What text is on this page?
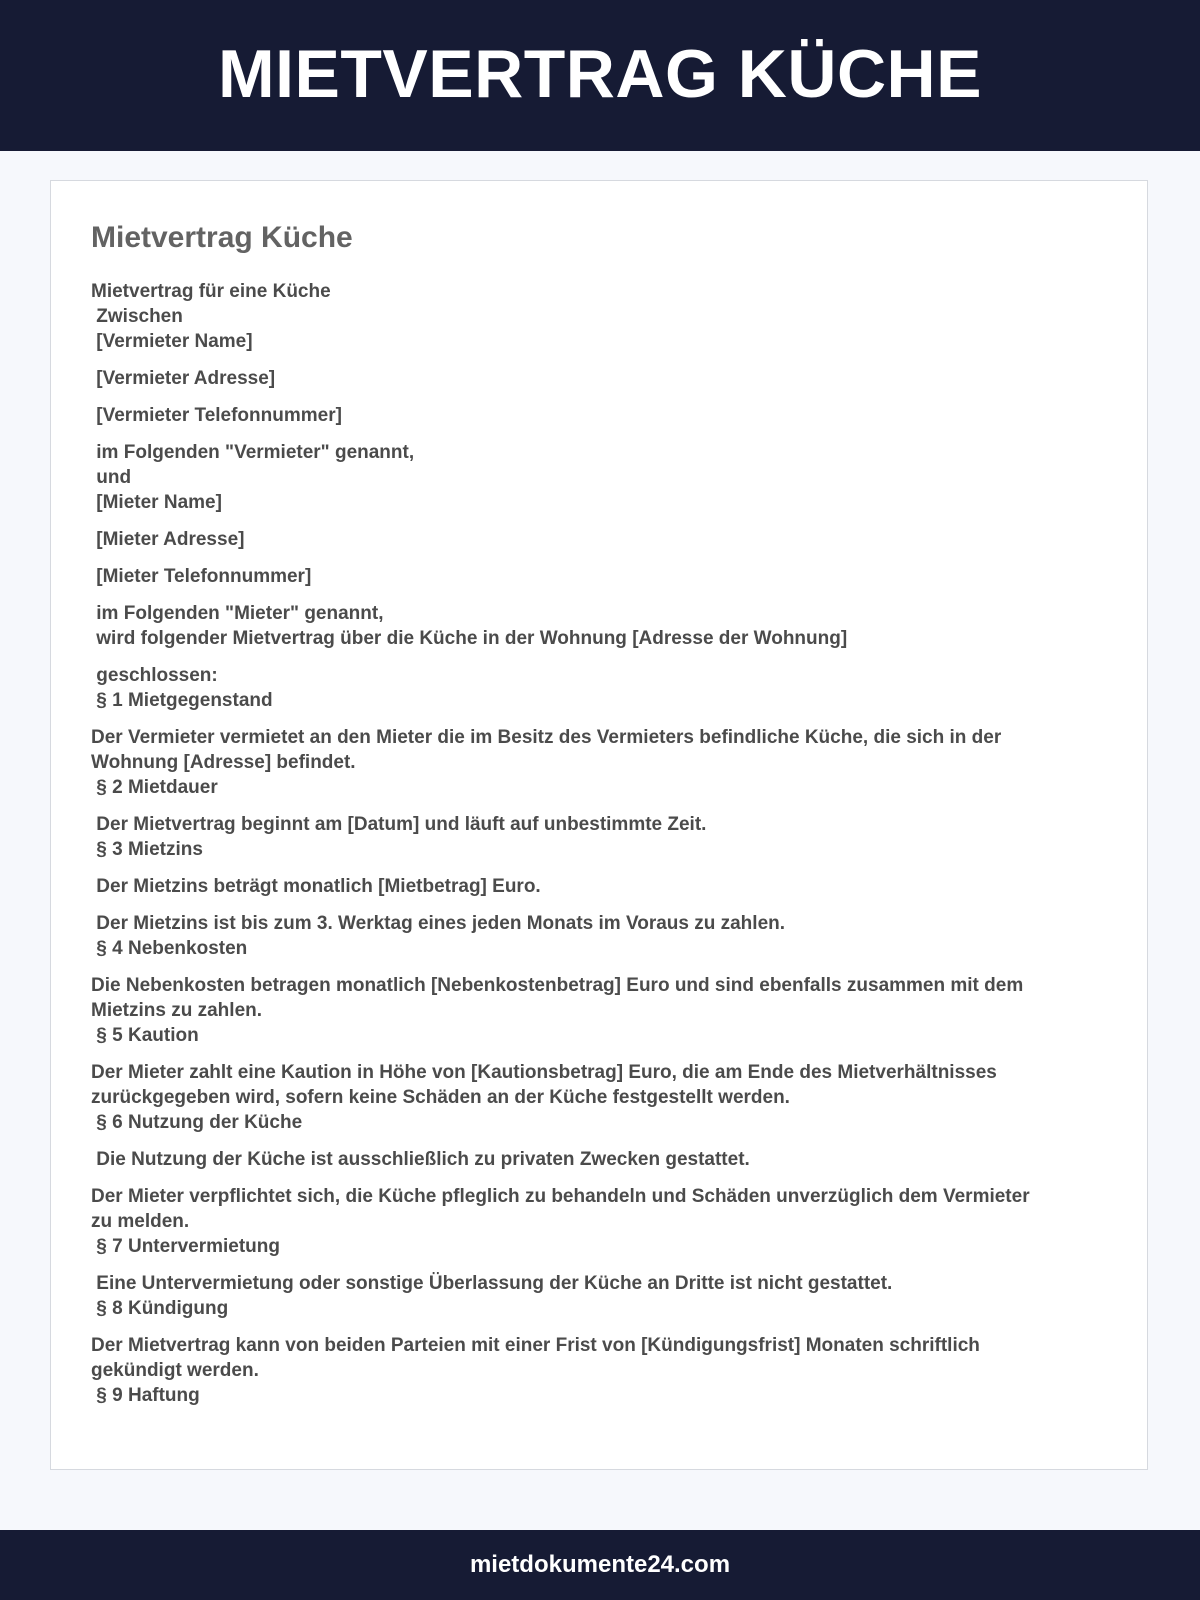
MIETVERTRAG KÜCHE
Mietvertrag Küche

Mietvertrag für eine Küche

Zwischen

[Vermieter Name]

[Vermieter Adresse]

[Vermieter Telefonnummer]

im Folgenden "Vermieter" genannt,

und

[Mieter Name]

[Mieter Adresse]

[Mieter Telefonnummer]

im Folgenden "Mieter" genannt,

wird folgender Mietvertrag über die Küche in der Wohnung [Adresse der Wohnung]

geschlossen:

§ 1 Mietgegenstand

Der Vermieter vermietet an den Mieter die im Besitz des Vermieters befindliche Küche, die sich in der

Wohnung [Adresse] befindet.

§ 2 Mietdauer

Der Mietvertrag beginnt am [Datum] und läuft auf unbestimmte Zeit.

§ 3 Mietzins

Der Mietzins beträgt monatlich [Mietbetrag] Euro.

Der Mietzins ist bis zum 3. Werktag eines jeden Monats im Voraus zu zahlen.

§ 4 Nebenkosten

Die Nebenkosten betragen monatlich [Nebenkostenbetrag] Euro und sind ebenfalls zusammen mit dem

Mietzins zu zahlen.

§ 5 Kaution

Der Mieter zahlt eine Kaution in Höhe von [Kautionsbetrag] Euro, die am Ende des Mietverhältnisses

zurückgegeben wird, sofern keine Schäden an der Küche festgestellt werden.

§ 6 Nutzung der Küche

Die Nutzung der Küche ist ausschließlich zu privaten Zwecken gestattet.

Der Mieter verpflichtet sich, die Küche pfleglich zu behandeln und Schäden unverzüglich dem Vermieter

zu melden.

§ 7 Untervermietung

Eine Untervermietung oder sonstige Überlassung der Küche an Dritte ist nicht gestattet.

§ 8 Kündigung

Der Mietvertrag kann von beiden Parteien mit einer Frist von [Kündigungsfrist] Monaten schriftlich

gekündigt werden.

§ 9 Haftung

mietdokumente24.com
